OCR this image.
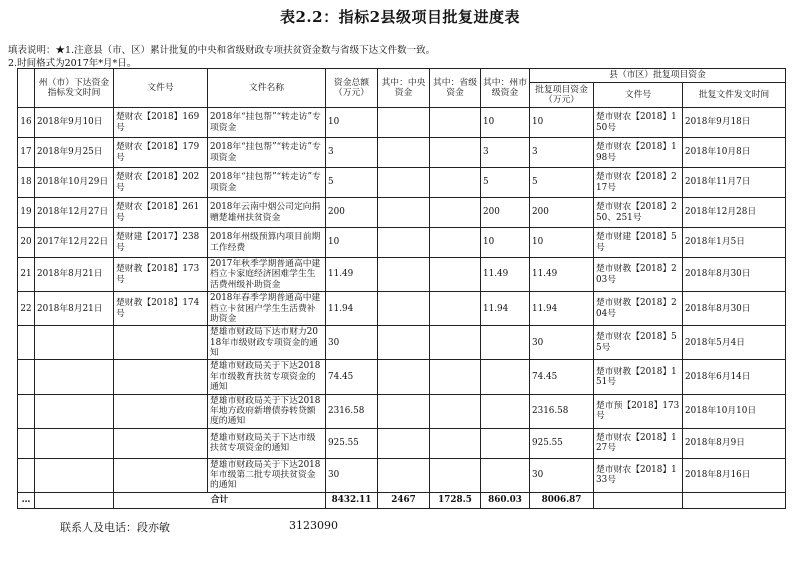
表2.2：指标2县级项目批复进度表
填表说明：★1.注意县（市、区）累计批复的中央和省级财政专项扶贫资金数与省级下达文件数一致。
2.时间格式为2017年*月*日。
	州（市）下达资金指标发文时间	文件号	文件名称	资金总额（万元）	其中：中央资金	其中：省级资金	其中：州市级资金	县（市区）批复项目资金		
								批复项目资金（万元）	文件号	批复文件发文时间
16	2018年9月10日	楚财农【2018】169号	2018年“挂包帮”“转走访”专项资金	10			10	10	楚市财农【2018】150号	2018年9月18日
17	2018年9月25日	楚财农【2018】179号	2018年“挂包帮”“转走访”专项资金	3			3	3	楚市财农【2018】198号	2018年10月8日
18	2018年10月29日	楚财农【2018】202号	2018年“挂包帮”“转走访”专项资金	5			5	5	楚市财农【2018】217号	2018年11月7日
19	2018年12月27日	楚财农【2018】261号	2018年云南中烟公司定向捐赠楚雄州扶贫资金	200			200	200	楚市财农【2018】250、251号	2018年12月28日
20	2017年12月22日	楚财建【2017】238号	2018年州级预算内项目前期工作经费	10			10	10	楚市财建【2018】5号	2018年1月5日
21	2018年8月21日	楚财教【2018】173号	2017年秋季学期普通高中建档立卡家庭经济困难学生生活费州级补助资金	11.49			11.49	11.49	楚市财教【2018】203号	2018年8月30日
22	2018年8月21日	楚财教【2018】174号	2018年春季学期普通高中建档立卡贫困户学生生活费补助资金	11.94			11.94	11.94	楚市财教【2018】204号	2018年8月30日
			楚雄市财政局下达市财力2018年市级财政专项资金的通知	30				30	楚市财农【2018】55号	2018年5月4日
			楚雄市财政局关于下达2018年市级教育扶贫专项资金的通知	74.45				74.45	楚市财教【2018】151号	2018年6月14日
			楚雄市财政局关于下达2018年地方政府新增债券转贷额度的通知	2316.58				2316.58	楚市预【2018】173号	2018年10月10日
			楚雄市财政局关于下达市级扶贫专项资金的通知	925.55				925.55	楚市财农【2018】127号	2018年8月9日
			楚雄市财政局关于下达2018年市级第二批专项扶贫资金的通知	30				30	楚市财农【2018】133号	2018年8月16日
…		合计		8432.11	2467	1728.5	860.03	8006.87		
联系人及电话：段亦敏	3123090
